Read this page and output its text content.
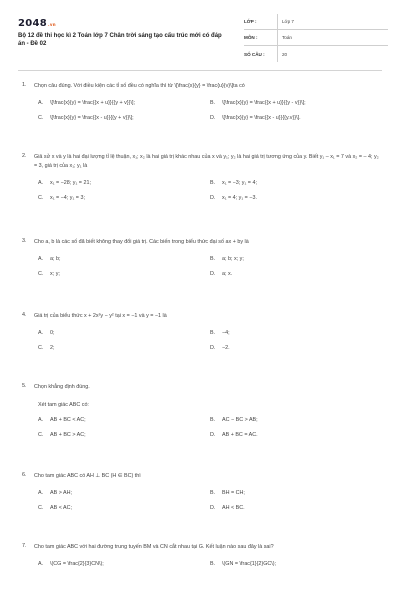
2048.vn
Bộ 12 đề thi học kì 2 Toán lớp 7 Chân trời sáng tạo cấu trúc mới có đáp án - Đề 02
LỚP :	Lớp 7
MÔN :	Toán
SỐ CÂU :	20
1. Chọn câu đúng. Với điều kiện các tỉ số đều có nghĩa thì từ \[\frac{x}{y} = \frac{u}{v}\]ta có
A.	\[\frac{x}{y} = \frac{{x + u}}{{y + v}}\];	B.	\[\frac{x}{y} = \frac{{x + u}}{{y - v}}\];
C.	\[\frac{x}{y} = \frac{{x - u}}{{y + v}}\];	D.	\[\frac{x}{y} = \frac{{x - u}}{{y.v}}\].
2. Giả sử x và y là hai đại lượng tỉ lệ thuận, x₁; x₂ là hai giá trị khác nhau của x và y₁; y₂ là hai giá trị tương ứng của y. Biết y₁ – x₁ = 7 và x₂ = – 4; y₂ = 3, giá trị của x₁; y₁ là
A.	x₁ = −28; y₁ = 21;	B.	x₁ = −3; y₁ = 4;
C.	x₁ = −4; y₁ = 3;	D.	x₁ = 4; y₁ = −3.
3. Cho a, b là các số đã biết không thay đổi giá trị. Các biến trong biểu thức đại số ax + by là
A.	a; b;	B.	a; b; x; y;
C.	x; y;	D.	a; x.
4. Giá trị của biểu thức x + 2x²y − y² tại x = −1 và y = −1 là
A.	0;	B.	−4;
C.	2;	D.	−2.
5. Chọn khẳng định đúng.
Xét tam giác ABC có:
A.	AB + BC < AC;	B.	AC − BC > AB;
C.	AB + BC > AC;	D.	AB + BC = AC.
6. Cho tam giác ABC có AH ⊥ BC (H ∈ BC) thì
A.	AB > AH;	B.	BH = CH;
C.	AB < AC;	D.	AH < BC.
7. Cho tam giác ABC với hai đường trung tuyến BM và CN cắt nhau tại G. Kết luận nào sau đây là sai?
A.	\(CG = \frac{2}{3}CN\);	B.	\(GN = \frac{1}{2}GC\);
